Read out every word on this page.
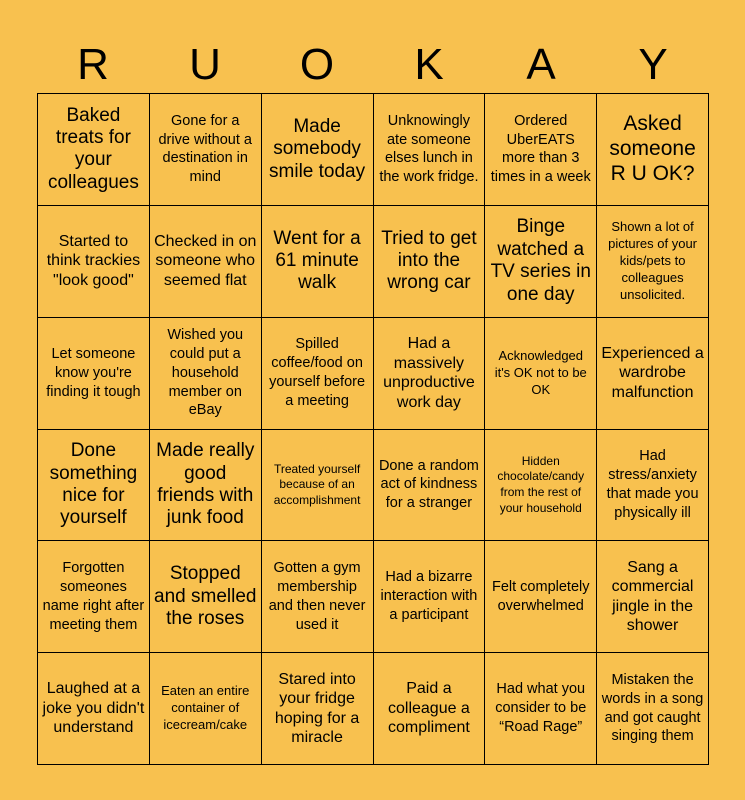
R	U	O	K	A	Y
Baked treats for your colleagues
Gone for a drive without a destination in mind
Made somebody smile today
Unknowingly ate someone elses lunch in the work fridge.
Ordered UberEATS more than 3 times in a week
Asked someone R U OK?
Started to think trackies "look good"
Checked in on someone who seemed flat
Went for a 61 minute walk
Tried to get into the wrong car
Binge watched a TV series in one day
Shown a lot of pictures of your kids/pets to colleagues unsolicited.
Let someone know you're finding it tough
Wished you could put a household member on eBay
Spilled coffee/food on yourself before a meeting
Had a massively unproductive work day
Acknowledged it's OK not to be OK
Experienced a wardrobe malfunction
Done something nice for yourself
Made really good friends with junk food
Treated yourself because of an accomplishment
Done a random act of kindness for a stranger
Hidden chocolate/candy from the rest of your household
Had stress/anxiety that made you physically ill
Forgotten someones name right after meeting them
Stopped and smelled the roses
Gotten a gym membership and then never used it
Had a bizarre interaction with a participant
Felt completely overwhelmed
Sang a commercial jingle in the shower
Laughed at a joke you didn't understand
Eaten an entire container of icecream/cake
Stared into your fridge hoping for a miracle
Paid a colleague a compliment
Had what you consider to be “Road Rage”
Mistaken the words in a song and got caught singing them
